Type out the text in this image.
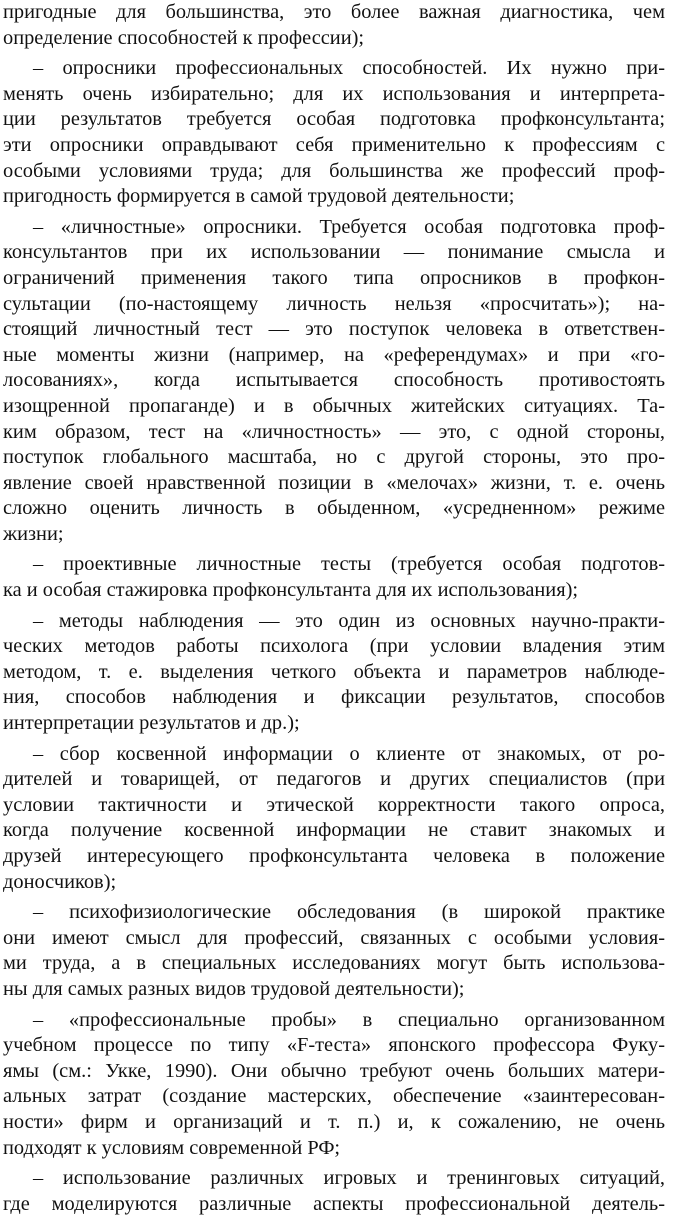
пригодные для большинства, это более важная диагностика, чем
определение способностей к профессии);
– опросники профессиональных способностей. Их нужно при-
менять очень избирательно; для их использования и интерпрета-
ции результатов требуется особая подготовка профконсультанта;
эти опросники оправдывают себя применительно к профессиям с
особыми условиями труда; для большинства же профессий проф-
пригодность формируется в самой трудовой деятельности;
– «личностные» опросники. Требуется особая подготовка проф-
консультантов при их использовании — понимание смысла и
ограничений применения такого типа опросников в профкон-
сультации (по-настоящему личность нельзя «просчитать»); на-
стоящий личностный тест — это поступок человека в ответствен-
ные моменты жизни (например, на «референдумах» и при «го-
лосованиях», когда испытывается способность противостоять
изощренной пропаганде) и в обычных житейских ситуациях. Та-
ким образом, тест на «личностность» — это, с одной стороны,
поступок глобального масштаба, но с другой стороны, это про-
явление своей нравственной позиции в «мелочах» жизни, т. е. очень
сложно оценить личность в обыденном, «усредненном» режиме
жизни;
– проективные личностные тесты (требуется особая подготов-
ка и особая стажировка профконсультанта для их использования);
– методы наблюдения — это один из основных научно-практи-
ческих методов работы психолога (при условии владения этим
методом, т. е. выделения четкого объекта и параметров наблюде-
ния, способов наблюдения и фиксации результатов, способов
интерпретации результатов и др.);
– сбор косвенной информации о клиенте от знакомых, от ро-
дителей и товарищей, от педагогов и других специалистов (при
условии тактичности и этической корректности такого опроса,
когда получение косвенной информации не ставит знакомых и
друзей интересующего профконсультанта человека в положение
доносчиков);
– психофизиологические обследования (в широкой практике
они имеют смысл для профессий, связанных с особыми условия-
ми труда, а в специальных исследованиях могут быть использова-
ны для самых разных видов трудовой деятельности);
– «профессиональные пробы» в специально организованном
учебном процессе по типу «F-теста» японского профессора Фуку-
ямы (см.: Укке, 1990). Они обычно требуют очень больших матери-
альных затрат (создание мастерских, обеспечение «заинтересован-
ности» фирм и организаций и т. п.) и, к сожалению, не очень
подходят к условиям современной РФ;
– использование различных игровых и тренинговых ситуаций,
где моделируются различные аспекты профессиональной деятель-
